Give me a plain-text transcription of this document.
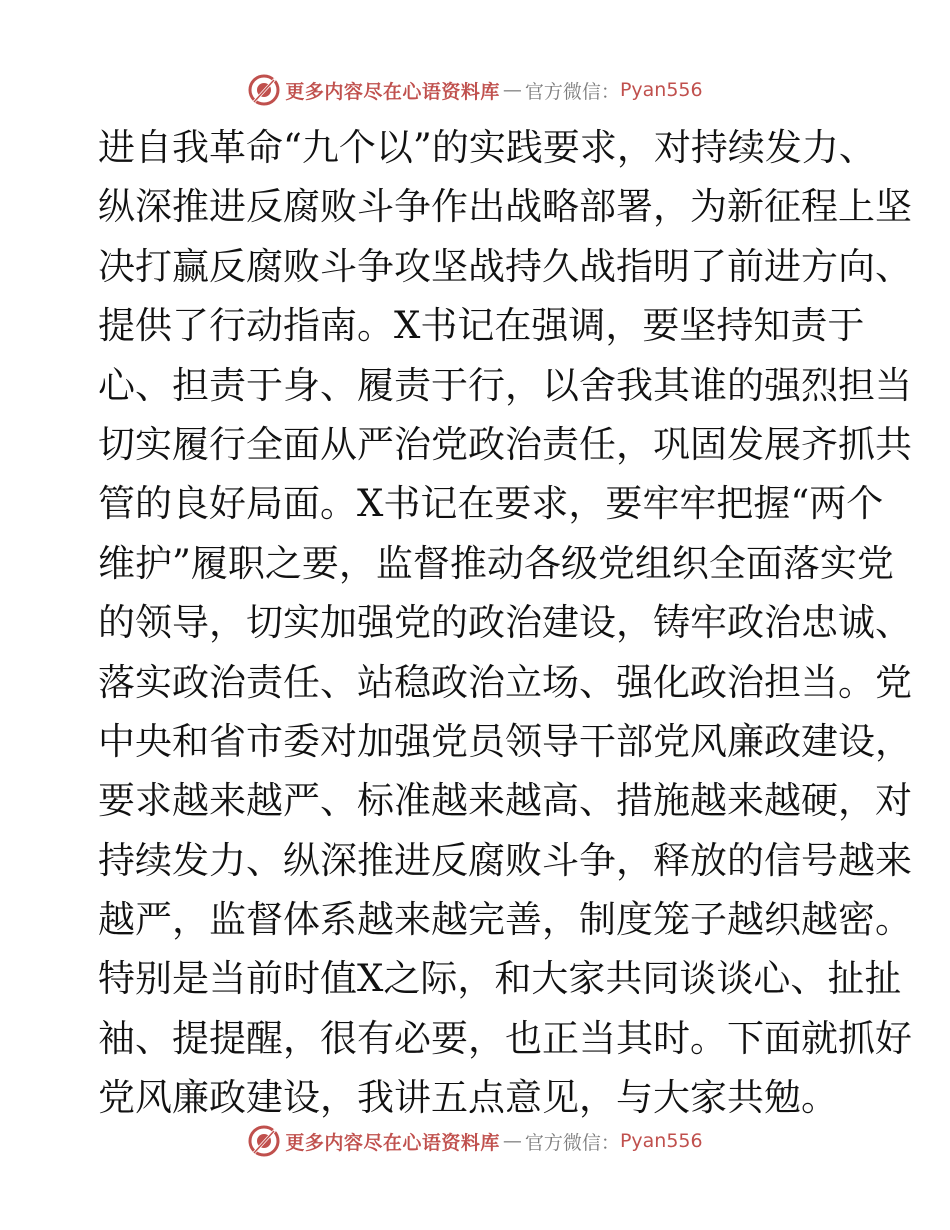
更多内容尽在心语资料库 — 官方微信： Pyan556
进自我革命“九个以”的实践要求，对持续发力、
纵深推进反腐败斗争作出战略部署，为新征程上坚
决打赢反腐败斗争攻坚战持久战指明了前进方向、
提供了行动指南。X书记在强调，要坚持知责于
心、担责于身、履责于行，以舍我其谁的强烈担当
切实履行全面从严治党政治责任，巩固发展齐抓共
管的良好局面。X书记在要求，要牢牢把握“两个
维护”履职之要，监督推动各级党组织全面落实党
的领导，切实加强党的政治建设，铸牢政治忠诚、
落实政治责任、站稳政治立场、强化政治担当。党
中央和省市委对加强党员领导干部党风廉政建设，
要求越来越严、标准越来越高、措施越来越硬，对
持续发力、纵深推进反腐败斗争，释放的信号越来
越严，监督体系越来越完善，制度笼子越织越密。
特别是当前时值X之际，和大家共同谈谈心、扯扯
袖、提提醒，很有必要，也正当其时。下面就抓好
党风廉政建设，我讲五点意见，与大家共勉。
更多内容尽在心语资料库 — 官方微信： Pyan556
